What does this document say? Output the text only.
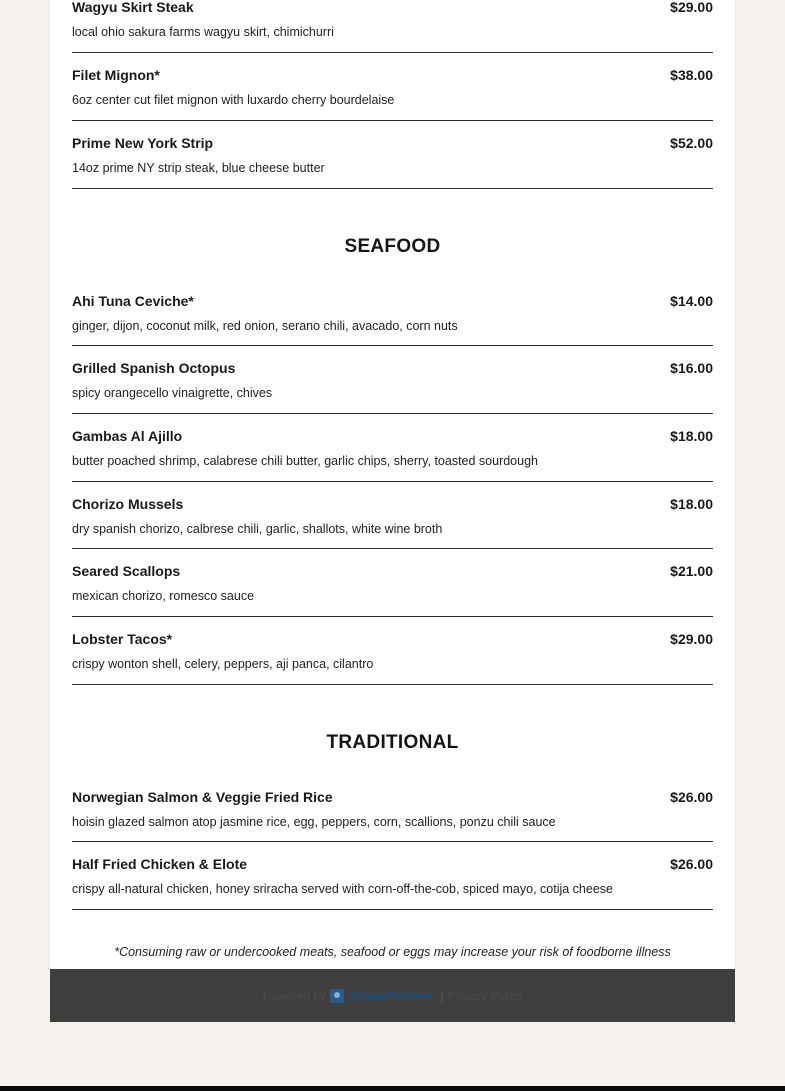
Wagyu Skirt Steak	$29.00
local ohio sakura farms wagyu skirt, chimichurri
Filet Mignon*	$38.00
6oz center cut filet mignon with luxardo cherry bourdelaise
Prime New York Strip	$52.00
14oz prime NY strip steak, blue cheese butter
SEAFOOD
Ahi Tuna Ceviche*	$14.00
ginger, dijon, coconut milk, red onion, serano chili, avacado, corn nuts
Grilled Spanish Octopus	$16.00
spicy orangecello vinaigrette, chives
Gambas Al Ajillo	$18.00
butter poached shrimp, calabrese chili butter, garlic chips, sherry, toasted sourdough
Chorizo Mussels	$18.00
dry spanish chorizo, calbrese chili, garlic, shallots, white wine broth
Seared Scallops	$21.00
mexican chorizo, romesco sauce
Lobster Tacos*	$29.00
crispy wonton shell, celery, peppers, aji panca, cilantro
TRADITIONAL
Norwegian Salmon & Veggie Fried Rice	$26.00
hoisin glazed salmon atop jasmine rice, egg, peppers, corn, scallions, ponzu chili sauce
Half Fried Chicken & Elote	$26.00
crispy all-natural chicken, honey sriracha served with corn-off-the-cob, spiced mayo, cotija cheese
*Consuming raw or undercooked meats, seafood or eggs may increase your risk of foodborne illness
Powered by SinglePlatform | Privacy Policy
